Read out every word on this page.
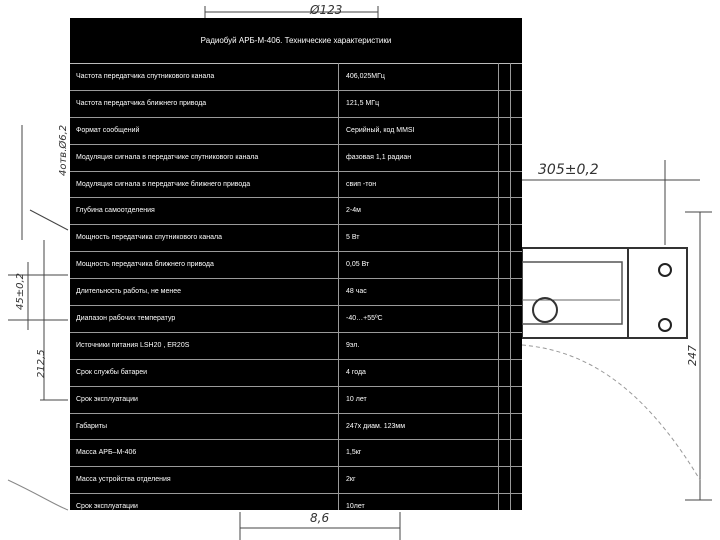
Ø123
305±0,2
247
4отв.Ø6,2
45±0,2
212,5
8,6
Радиобуй АРБ-М-406. Технические характеристики
Частота передатчика спутникового канала	406,025МГц
Частота передатчика ближнего привода	121,5 МГц
Формат сообщений	Серийный, код MMSI
Модуляция сигнала в передатчике спутникового канала	фазовая 1,1 радиан
Модуляция сигнала в передатчике ближнего привода	свип -тон
Глубина самоотделения	2-4м
Мощность передатчика спутникового канала	5 Вт
Мощность передатчика ближнего привода	0,05 Вт
Длительность работы, не менее	48 час
Диапазон рабочих температур	-40…+55ºС
Источники питания LSH20 , ER20S	9эл.
Срок службы батареи	4 года
Срок эксплуатации	10 лет
Габариты	247х диам. 123мм
Масса АРБ–М-406	1,5кг
Масса устройства отделения	2кг
Срок эксплуатации	10лет
